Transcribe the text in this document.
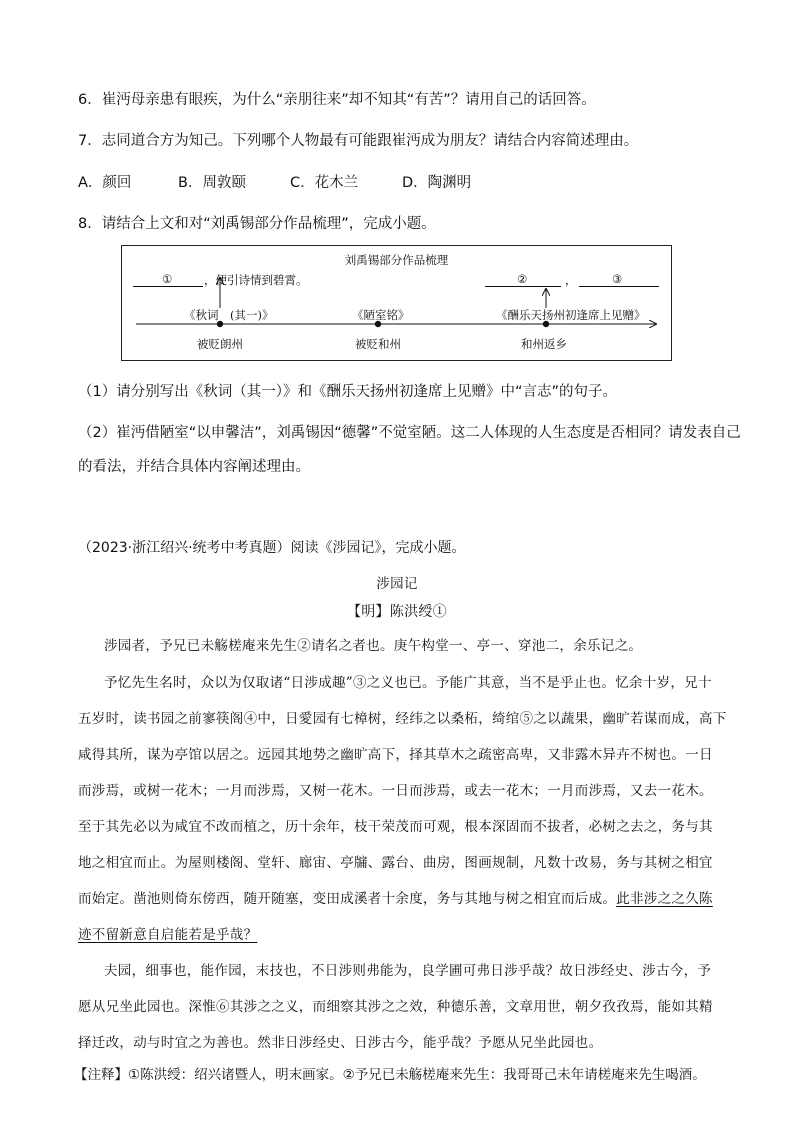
6．崔沔母亲患有眼疾，为什么“亲朋往来”却不知其“有苦”？请用自己的话回答。
7．志同道合方为知己。下列哪个人物最有可能跟崔沔成为朋友？请结合内容简述理由。
A．颜回	B．周敦颐	C．花木兰	D．陶渊明
8．请结合上文和对“刘禹锡部分作品梳理”，完成小题。
刘禹锡部分作品梳理
①	，便引诗情到碧霄。	②	，	③
《秋词　(其一)》	《陋室铭》	《酬乐天扬州初逢席上见赠》
被贬朗州	被贬和州	和州返乡
（1）请分别写出《秋词（其一）》和《酬乐天扬州初逢席上见赠》中“言志”的句子。
（2）崔沔借陋室“以申馨洁”，刘禹锡因“德馨”不觉室陋。这二人体现的人生态度是否相同？请发表自己
的看法，并结合具体内容阐述理由。
（2023·浙江绍兴·统考中考真题）阅读《涉园记》，完成小题。
涉园记
【明】陈洪绶①
涉园者，予兄已未觞槎庵来先生②请名之者也。庚午构堂一、亭一、穿池二，余乐记之。
予忆先生名时，众以为仅取诸“日涉成趣”③之义也已。予能广其意，当不是乎止也。忆余十岁，兄十
五岁时，读书园之前寥筷阁④中，日愛园有七樟树，经纬之以桑柘，绮绾⑤之以蔬果，幽旷若谋而成，高下
咸得其所，谋为亭馆以居之。远园其地势之幽旷高下，择其草木之疏密高卑，又非露木异卉不树也。一日
而涉焉，或树一花木；一月而涉焉，又树一花木。一日而涉焉，或去一花木；一月而涉焉，又去一花木。
至于其先必以为咸宜不改而植之，历十余年，枝干荣茂而可观，根本深固而不拔者，必树之去之，务与其
地之相宜而止。为屋则楼阁、堂轩、廊宙、亭牖、露台、曲房，图画规制，凡数十改易，务与其树之相宜
而始定。凿池则倚东傍西，随开随塞，变田成溪者十余度，务与其地与树之相宜而后成。此非涉之之久陈
迹不留新意自启能若是乎哉？
夫园，细事也，能作园，末技也，不日涉则弗能为，良学圃可弗日涉乎哉？故日涉经史、涉古今，予
愿从兄坐此园也。深惟⑥其涉之之义，而细察其涉之之效，种德乐善，文章用世，朝夕孜孜焉，能如其精
择迁改，动与时宜之为善也。然非日涉经史、日涉古今，能乎哉？予愿从兄坐此园也。
【注释】①陈洪绶：绍兴诸暨人，明末画家。②予兄已未觞槎庵来先生：我哥哥己未年请槎庵来先生喝酒。
